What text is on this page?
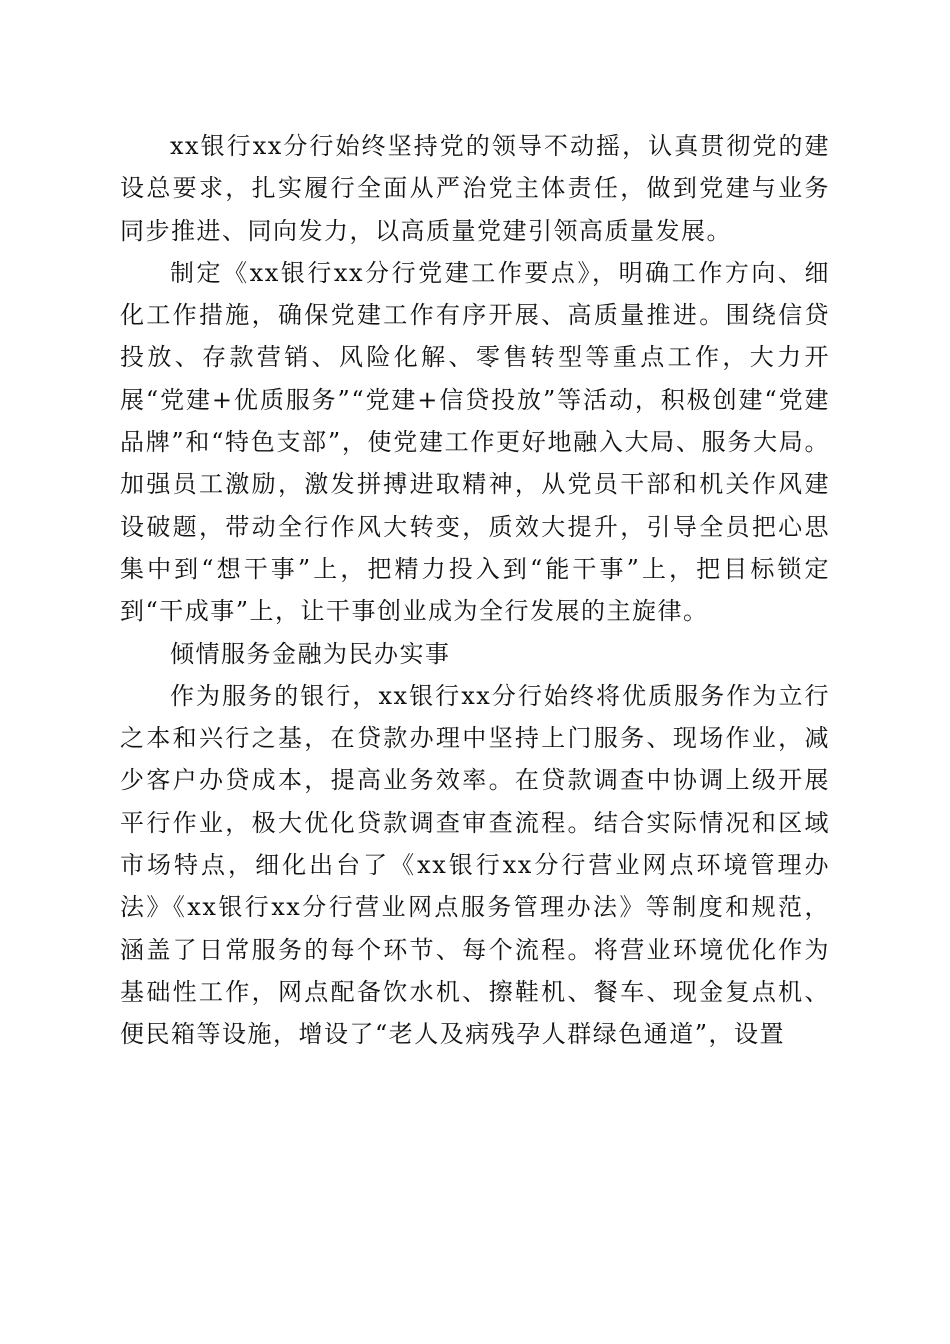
xx银行xx分行始终坚持党的领导不动摇，认真贯彻党的建设总要求，扎实履行全面从严治党主体责任，做到党建与业务同步推进、同向发力，以高质量党建引领高质量发展。

制定《xx银行xx分行党建工作要点》，明确工作方向、细化工作措施，确保党建工作有序开展、高质量推进。围绕信贷投放、存款营销、风险化解、零售转型等重点工作，大力开展“党建+优质服务”“党建+信贷投放”等活动，积极创建“党建品牌”和“特色支部”，使党建工作更好地融入大局、服务大局。加强员工激励，激发拼搏进取精神，从党员干部和机关作风建设破题，带动全行作风大转变，质效大提升，引导全员把心思集中到“想干事”上，把精力投入到“能干事”上，把目标锁定到“干成事”上，让干事创业成为全行发展的主旋律。

倾情服务金融为民办实事

作为服务的银行，xx银行xx分行始终将优质服务作为立行之本和兴行之基，在贷款办理中坚持上门服务、现场作业，减少客户办贷成本，提高业务效率。在贷款调查中协调上级开展平行作业，极大优化贷款调查审查流程。结合实际情况和区域市场特点，细化出台了《xx银行xx分行营业网点环境管理办法》《xx银行xx分行营业网点服务管理办法》等制度和规范，涵盖了日常服务的每个环节、每个流程。将营业环境优化作为基础性工作，网点配备饮水机、擦鞋机、餐车、现金复点机、便民箱等设施，增设了“老人及病残孕人群绿色通道”，设置
